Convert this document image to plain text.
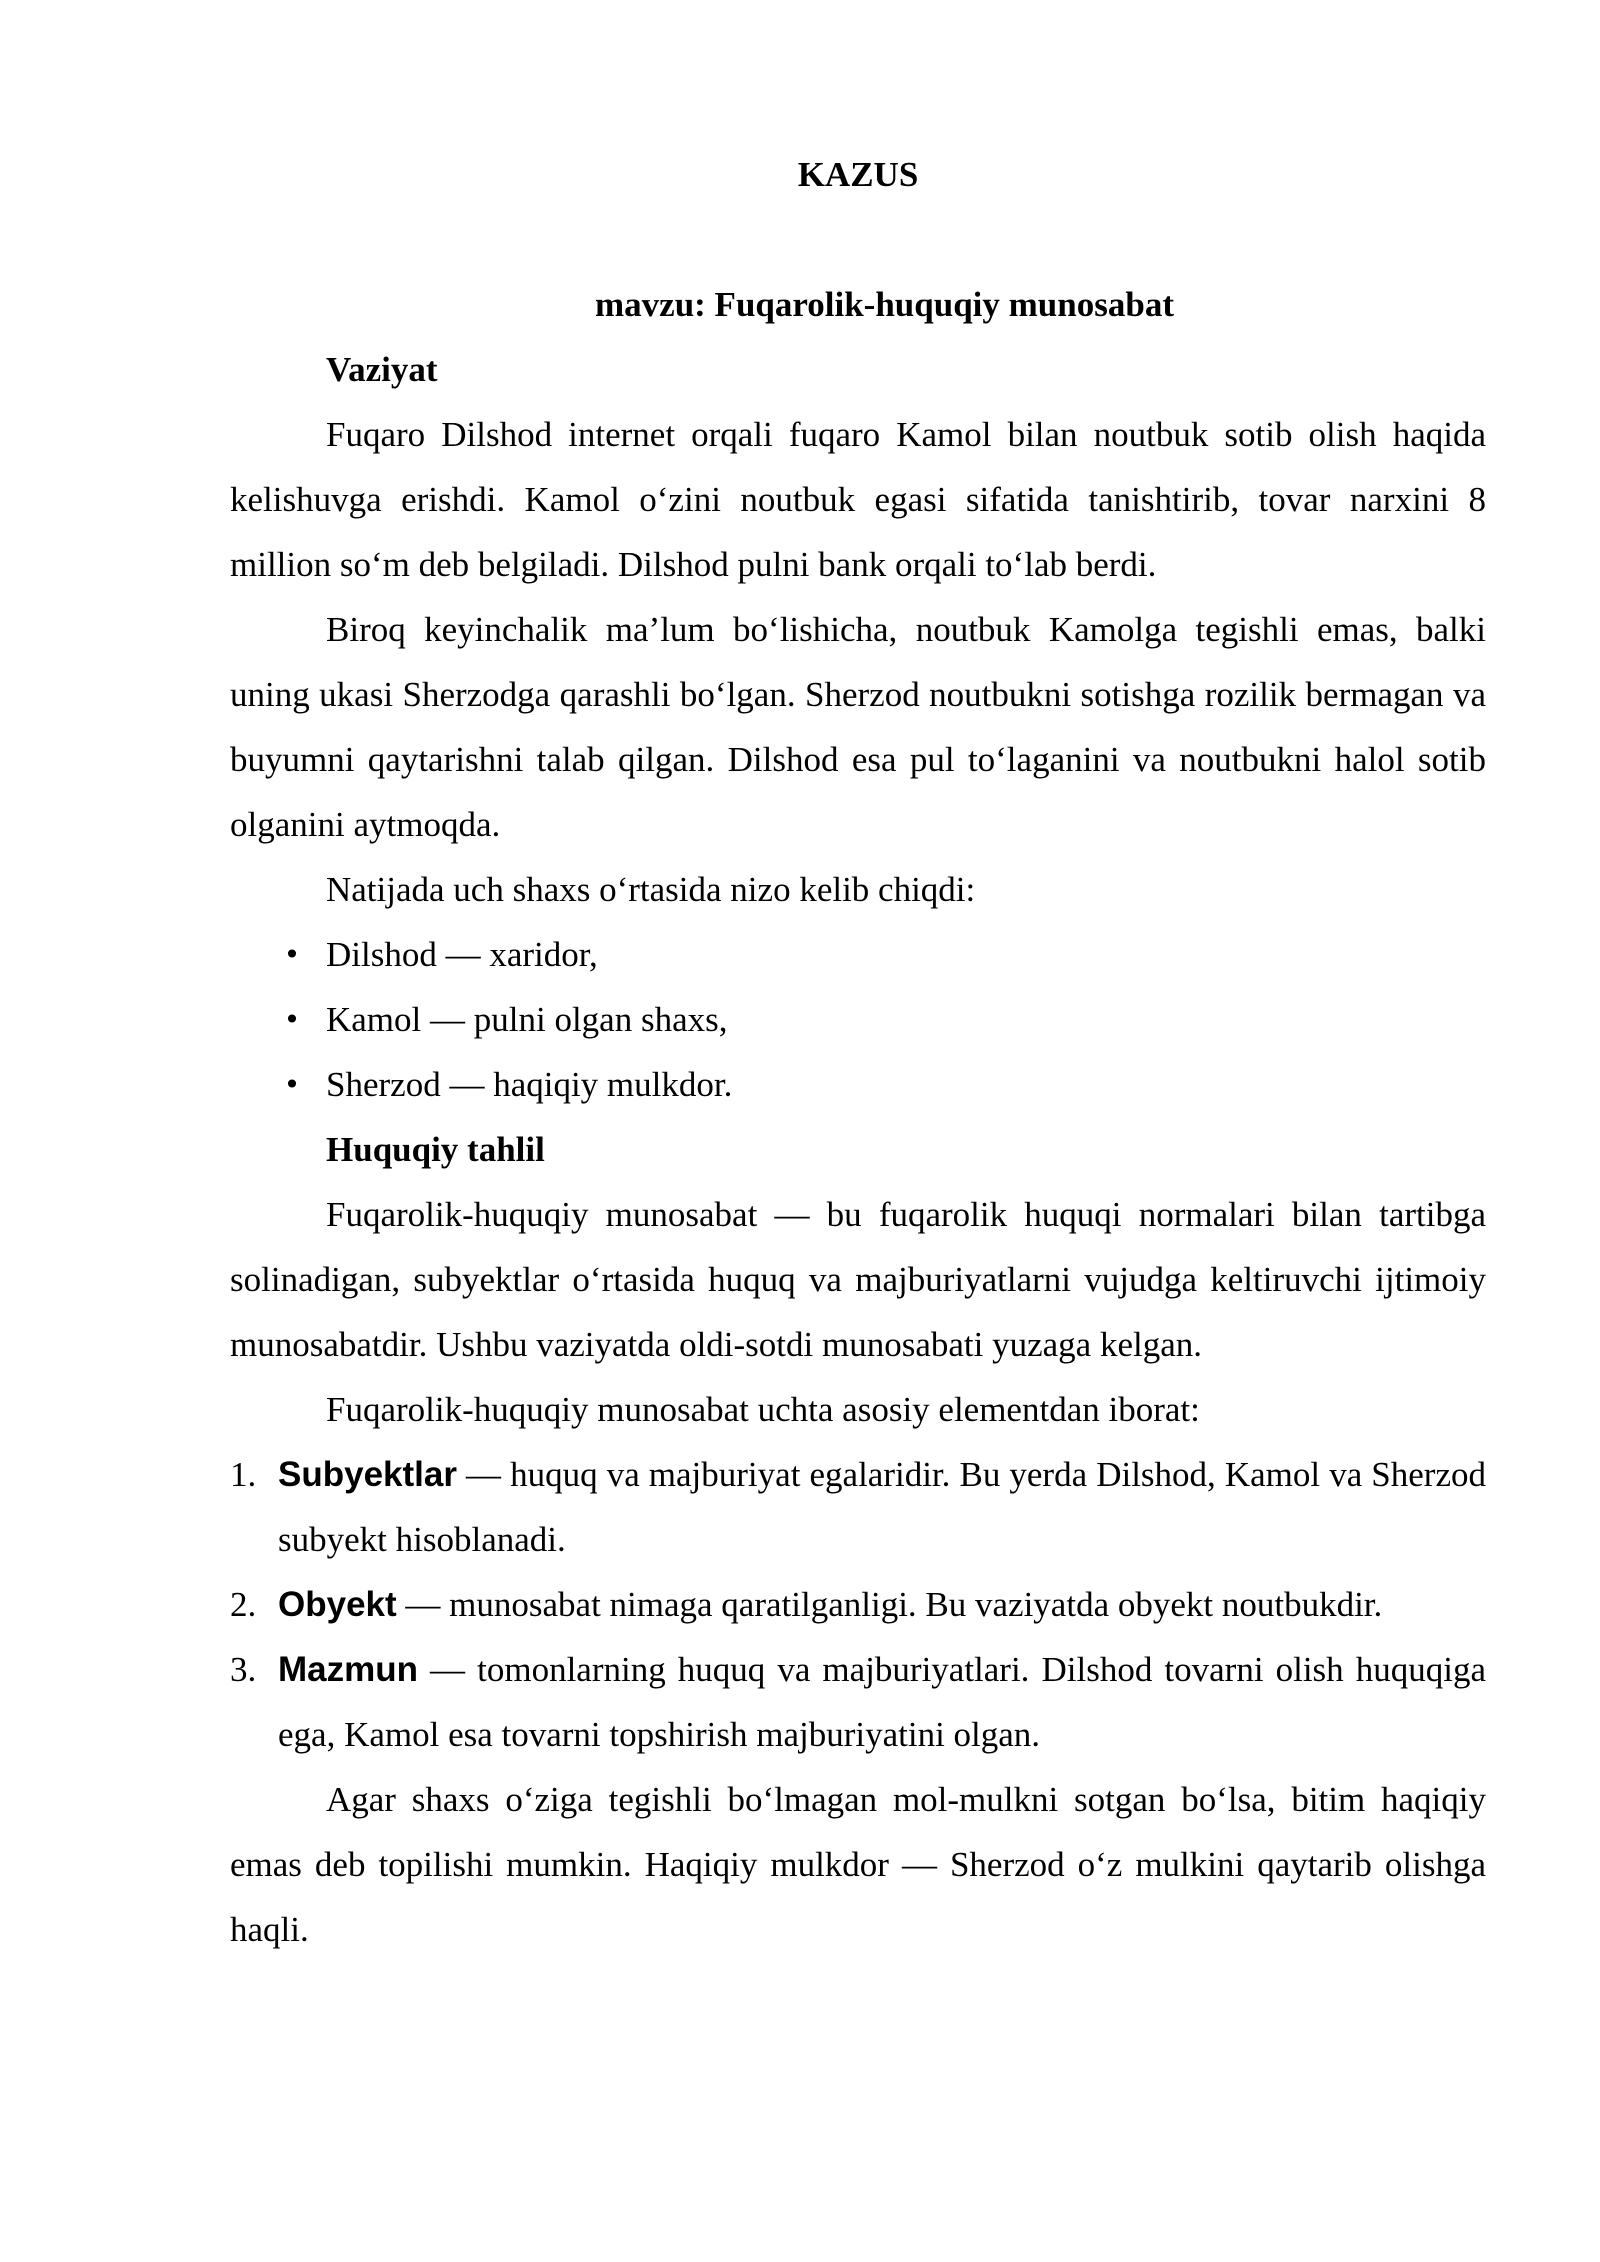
KAZUS

mavzu: Fuqarolik-huquqiy munosabat

Vaziyat

Fuqaro Dilshod internet orqali fuqaro Kamol bilan noutbuk sotib olish haqida kelishuvga erishdi. Kamol o‘zini noutbuk egasi sifatida tanishtirib, tovar narxini 8 million so‘m deb belgiladi. Dilshod pulni bank orqali to‘lab berdi.

Biroq keyinchalik ma’lum bo‘lishicha, noutbuk Kamolga tegishli emas, balki uning ukasi Sherzodga qarashli bo‘lgan. Sherzod noutbukni sotishga rozilik bermagan va buyumni qaytarishni talab qilgan. Dilshod esa pul to‘laganini va noutbukni halol sotib olganini aytmoqda.

Natijada uch shaxs o‘rtasida nizo kelib chiqdi:

• Dilshod — xaridor,
• Kamol — pulni olgan shaxs,
• Sherzod — haqiqiy mulkdor.

Huquqiy tahlil

Fuqarolik-huquqiy munosabat — bu fuqarolik huquqi normalari bilan tartibga solinadigan, subyektlar o‘rtasida huquq va majburiyatlarni vujudga keltiruvchi ijtimoiy munosabatdir. Ushbu vaziyatda oldi-sotdi munosabati yuzaga kelgan.

Fuqarolik-huquqiy munosabat uchta asosiy elementdan iborat:

1. Subyektlar — huquq va majburiyat egalaridir. Bu yerda Dilshod, Kamol va Sherzod subyekt hisoblanadi.
2. Obyekt — munosabat nimaga qaratilganligi. Bu vaziyatda obyekt noutbukdir.
3. Mazmun — tomonlarning huquq va majburiyatlari. Dilshod tovarni olish huquqiga ega, Kamol esa tovarni topshirish majburiyatini olgan.

Agar shaxs o‘ziga tegishli bo‘lmagan mol-mulkni sotgan bo‘lsa, bitim haqiqiy emas deb topilishi mumkin. Haqiqiy mulkdor — Sherzod o‘z mulkini qaytarib olishga haqli.
